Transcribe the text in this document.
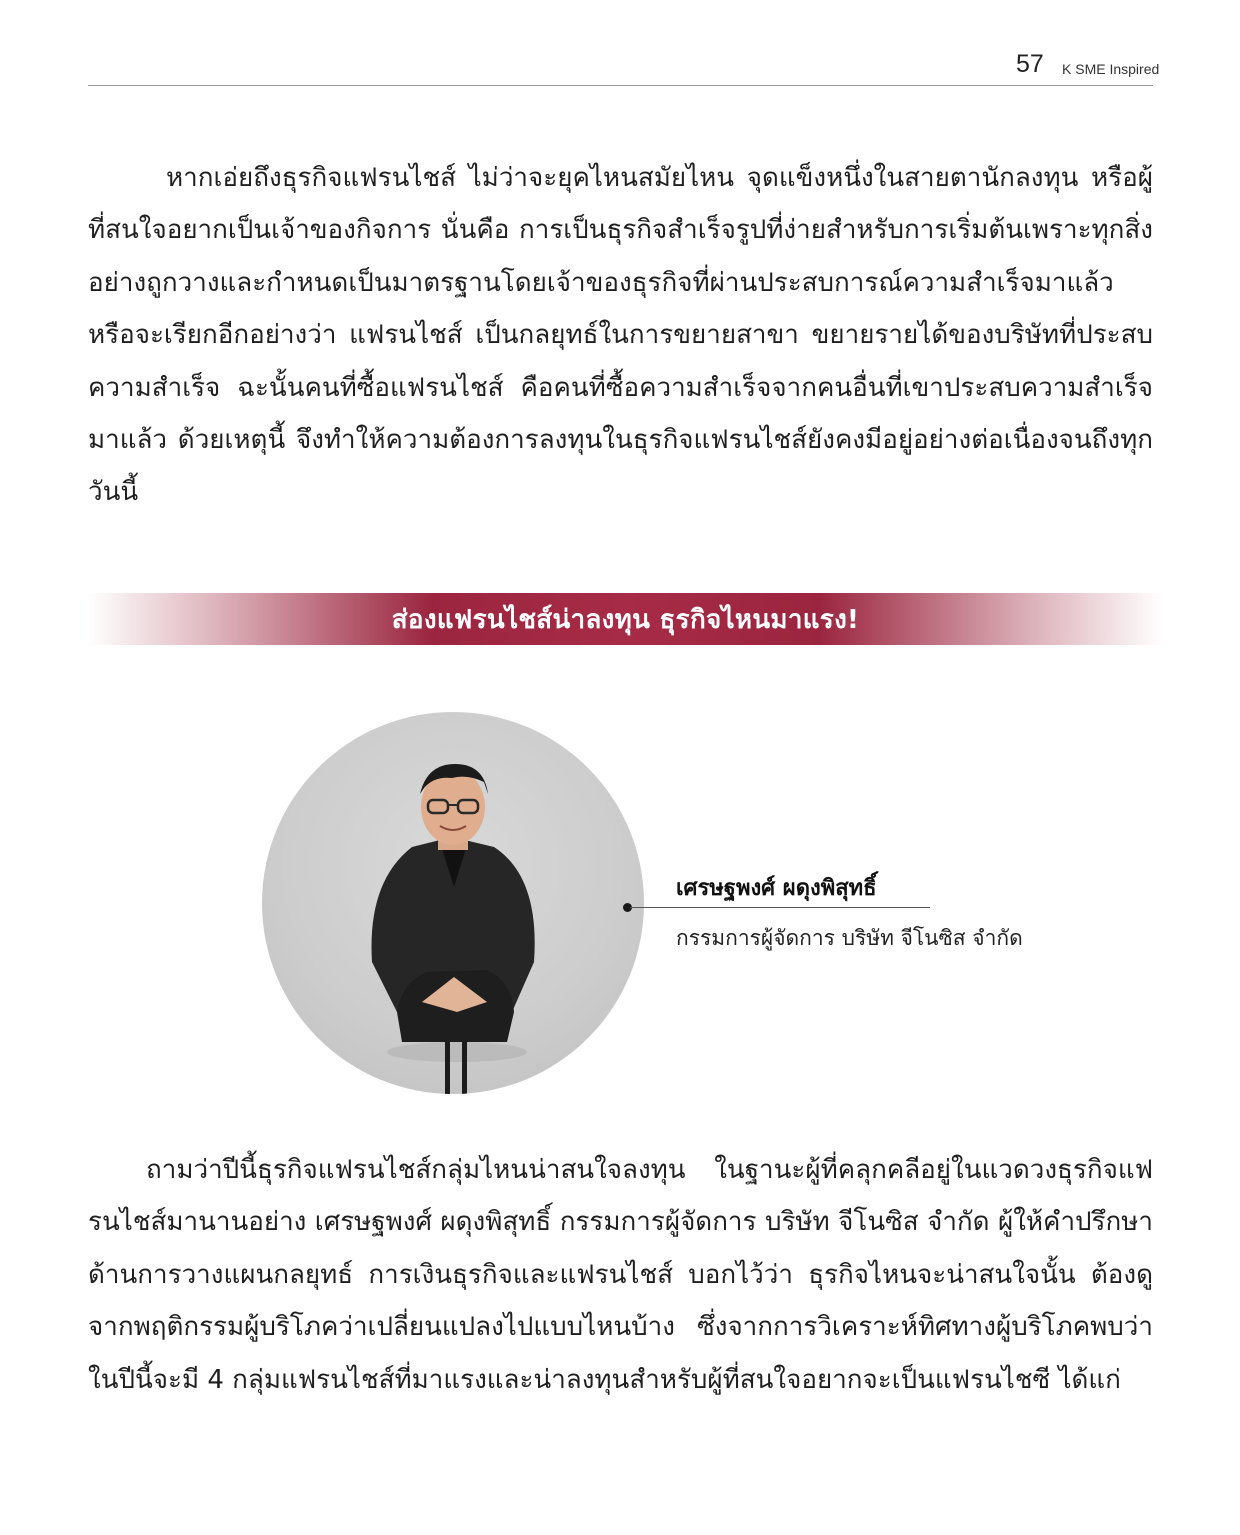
57 K SME Inspired

หากเอ่ยถึงธุรกิจแฟรนไชส์ ไม่ว่าจะยุคไหนสมัยไหน จุดแข็งหนึ่งในสายตานักลงทุน หรือผู้ที่สนใจอยากเป็นเจ้าของกิจการ นั่นคือ การเป็นธุรกิจสำเร็จรูปที่ง่ายสำหรับการเริ่มต้นเพราะทุกสิ่งอย่างถูกวางและกำหนดเป็นมาตรฐานโดยเจ้าของธุรกิจที่ผ่านประสบการณ์ความสำเร็จมาแล้ว หรือจะเรียกอีกอย่างว่า แฟรนไชส์ เป็นกลยุทธ์ในการขยายสาขา ขยายรายได้ของบริษัทที่ประสบความสำเร็จ ฉะนั้นคนที่ซื้อแฟรนไชส์ คือคนที่ซื้อความสำเร็จจากคนอื่นที่เขาประสบความสำเร็จมาแล้ว ด้วยเหตุนี้ จึงทำให้ความต้องการลงทุนในธุรกิจแฟรนไชส์ยังคงมีอยู่อย่างต่อเนื่องจนถึงทุกวันนี้

ส่องแฟรนไชส์น่าลงทุน ธุรกิจไหนมาแรง!
เศรษฐพงศ์ ผดุงพิสุทธิ์
กรรมการผู้จัดการ บริษัท จีโนซิส จำกัด

ถามว่าปีนี้ธุรกิจแฟรนไชส์กลุ่มไหนน่าสนใจลงทุน ในฐานะผู้ที่คลุกคลีอยู่ในแวดวงธุรกิจแฟรนไชส์มานานอย่าง เศรษฐพงศ์ ผดุงพิสุทธิ์ กรรมการผู้จัดการ บริษัท จีโนซิส จำกัด ผู้ให้คำปรึกษาด้านการวางแผนกลยุทธ์ การเงินธุรกิจและแฟรนไชส์ บอกไว้ว่า ธุรกิจไหนจะน่าสนใจนั้น ต้องดูจากพฤติกรรมผู้บริโภคว่าเปลี่ยนแปลงไปแบบไหนบ้าง ซึ่งจากการวิเคราะห์ทิศทางผู้บริโภคพบว่า ในปีนี้จะมี 4 กลุ่มแฟรนไชส์ที่มาแรงและน่าลงทุนสำหรับผู้ที่สนใจอยากจะเป็นแฟรนไชซี ได้แก่
